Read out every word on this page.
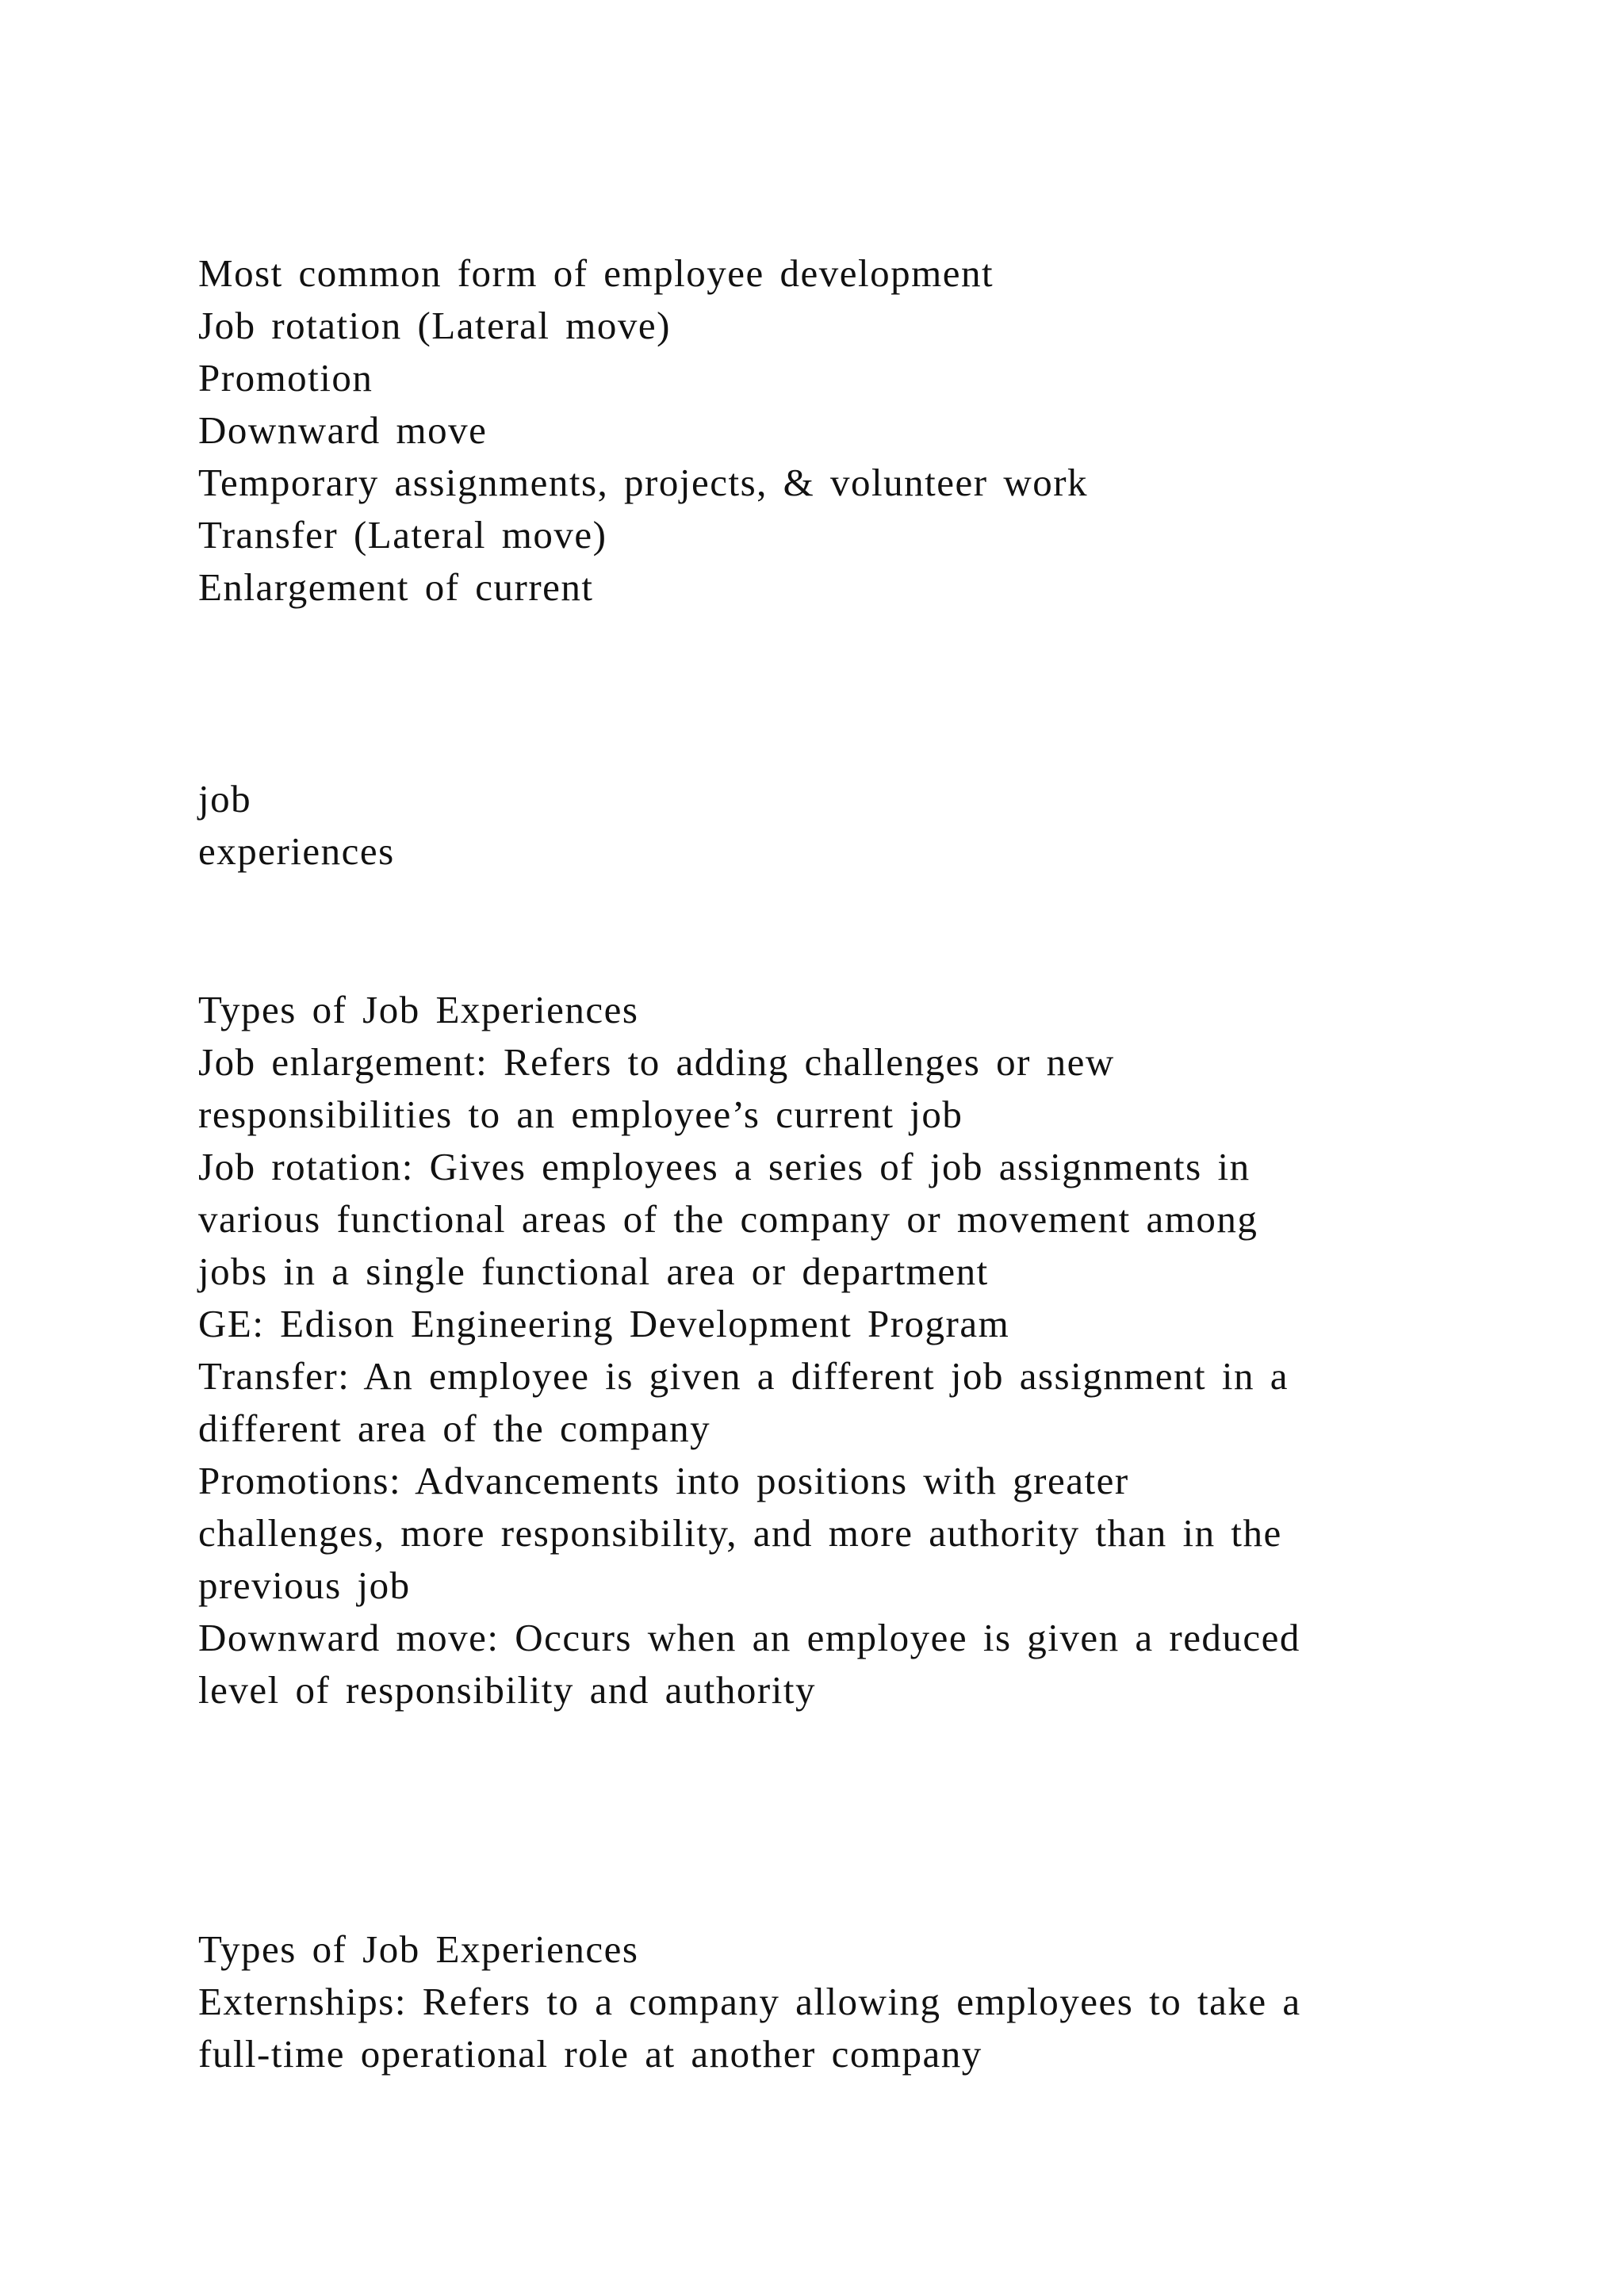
Most common form of employee development
Job rotation (Lateral move)
Promotion
Downward move
Temporary assignments, projects, & volunteer work
Transfer (Lateral move)
Enlargement of current
job
experiences
Types of Job Experiences
Job enlargement: Refers to adding challenges or new
responsibilities to an employee’s current job
Job rotation: Gives employees a series of job assignments in
various functional areas of the company or movement among
jobs in a single functional area or department
GE: Edison Engineering Development Program
Transfer: An employee is given a different job assignment in a
different area of the company
Promotions: Advancements into positions with greater
challenges, more responsibility, and more authority than in the
previous job
Downward move: Occurs when an employee is given a reduced
level of responsibility and authority
Types of Job Experiences
Externships: Refers to a company allowing employees to take a
full-time operational role at another company
